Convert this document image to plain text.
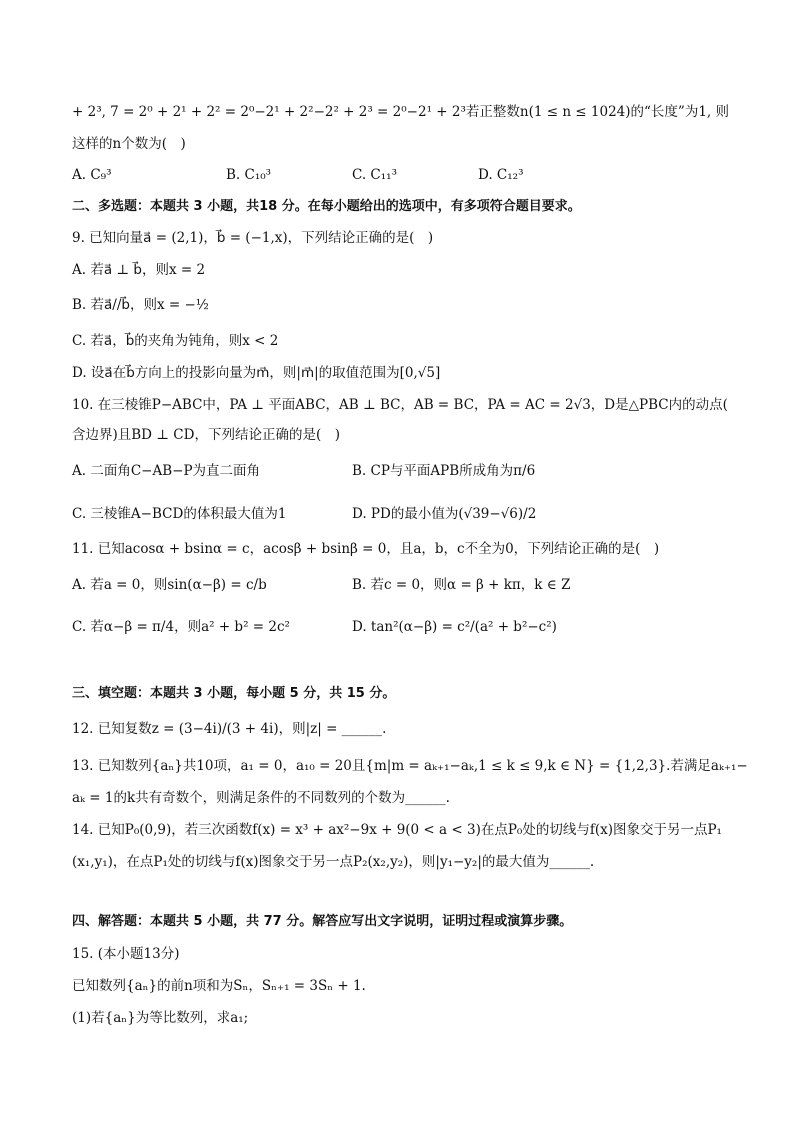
+ 2³, 7 = 2⁰ + 2¹ + 2² = 2⁰−2¹ + 2²−2² + 2³ = 2⁰−2¹ + 2³若正整数n(1 ≤ n ≤ 1024)的“长度”为1, 则
这样的n个数为(　)
A. C₉³	B. C₁₀³	C. C₁₁³	D. C₁₂³
二、多选题：本题共 3 小题，共18 分。在每小题给出的选项中，有多项符合题目要求。
9. 已知向量a⃗ = (2,1)，b⃗ = (−1,x)，下列结论正确的是(　)
A. 若a⃗ ⊥ b⃗，则x = 2
B. 若a⃗//b⃗，则x = −½
C. 若a⃗，b⃗的夹角为钝角，则x < 2
D. 设a⃗在b⃗方向上的投影向量为m⃗，则|m⃗|的取值范围为[0,√5]
10. 在三棱锥P−ABC中，PA ⊥ 平面ABC，AB ⊥ BC，AB = BC，PA = AC = 2√3，D是△PBC内的动点(
含边界)且BD ⊥ CD，下列结论正确的是(　)
A. 二面角C−AB−P为直二面角	B. CP与平面APB所成角为π/6
C. 三棱锥A−BCD的体积最大值为1	D. PD的最小值为(√39−√6)/2
11. 已知acosα + bsinα = c，acosβ + bsinβ = 0，且a，b，c不全为0，下列结论正确的是(　)
A. 若a = 0，则sin(α−β) = c/b	B. 若c = 0，则α = β + kπ，k ∈ Z
C. 若α−β = π/4，则a² + b² = 2c²	D. tan²(α−β) = c²/(a² + b²−c²)
三、填空题：本题共 3 小题，每小题 5 分，共 15 分。
12. 已知复数z = (3−4i)/(3 + 4i)，则|z| = ______.
13. 已知数列{aₙ}共10项，a₁ = 0，a₁₀ = 20且{m|m = aₖ₊₁−aₖ,1 ≤ k ≤ 9,k ∈ N} = {1,2,3}.若满足aₖ₊₁−
aₖ = 1的k共有奇数个，则满足条件的不同数列的个数为______.
14. 已知P₀(0,9)，若三次函数f(x) = x³ + ax²−9x + 9(0 < a < 3)在点P₀处的切线与f(x)图象交于另一点P₁
(x₁,y₁)，在点P₁处的切线与f(x)图象交于另一点P₂(x₂,y₂)，则|y₁−y₂|的最大值为______.
四、解答题：本题共 5 小题，共 77 分。解答应写出文字说明，证明过程或演算步骤。
15. (本小题13分)
已知数列{aₙ}的前n项和为Sₙ，Sₙ₊₁ = 3Sₙ + 1.
(1)若{aₙ}为等比数列，求a₁;
